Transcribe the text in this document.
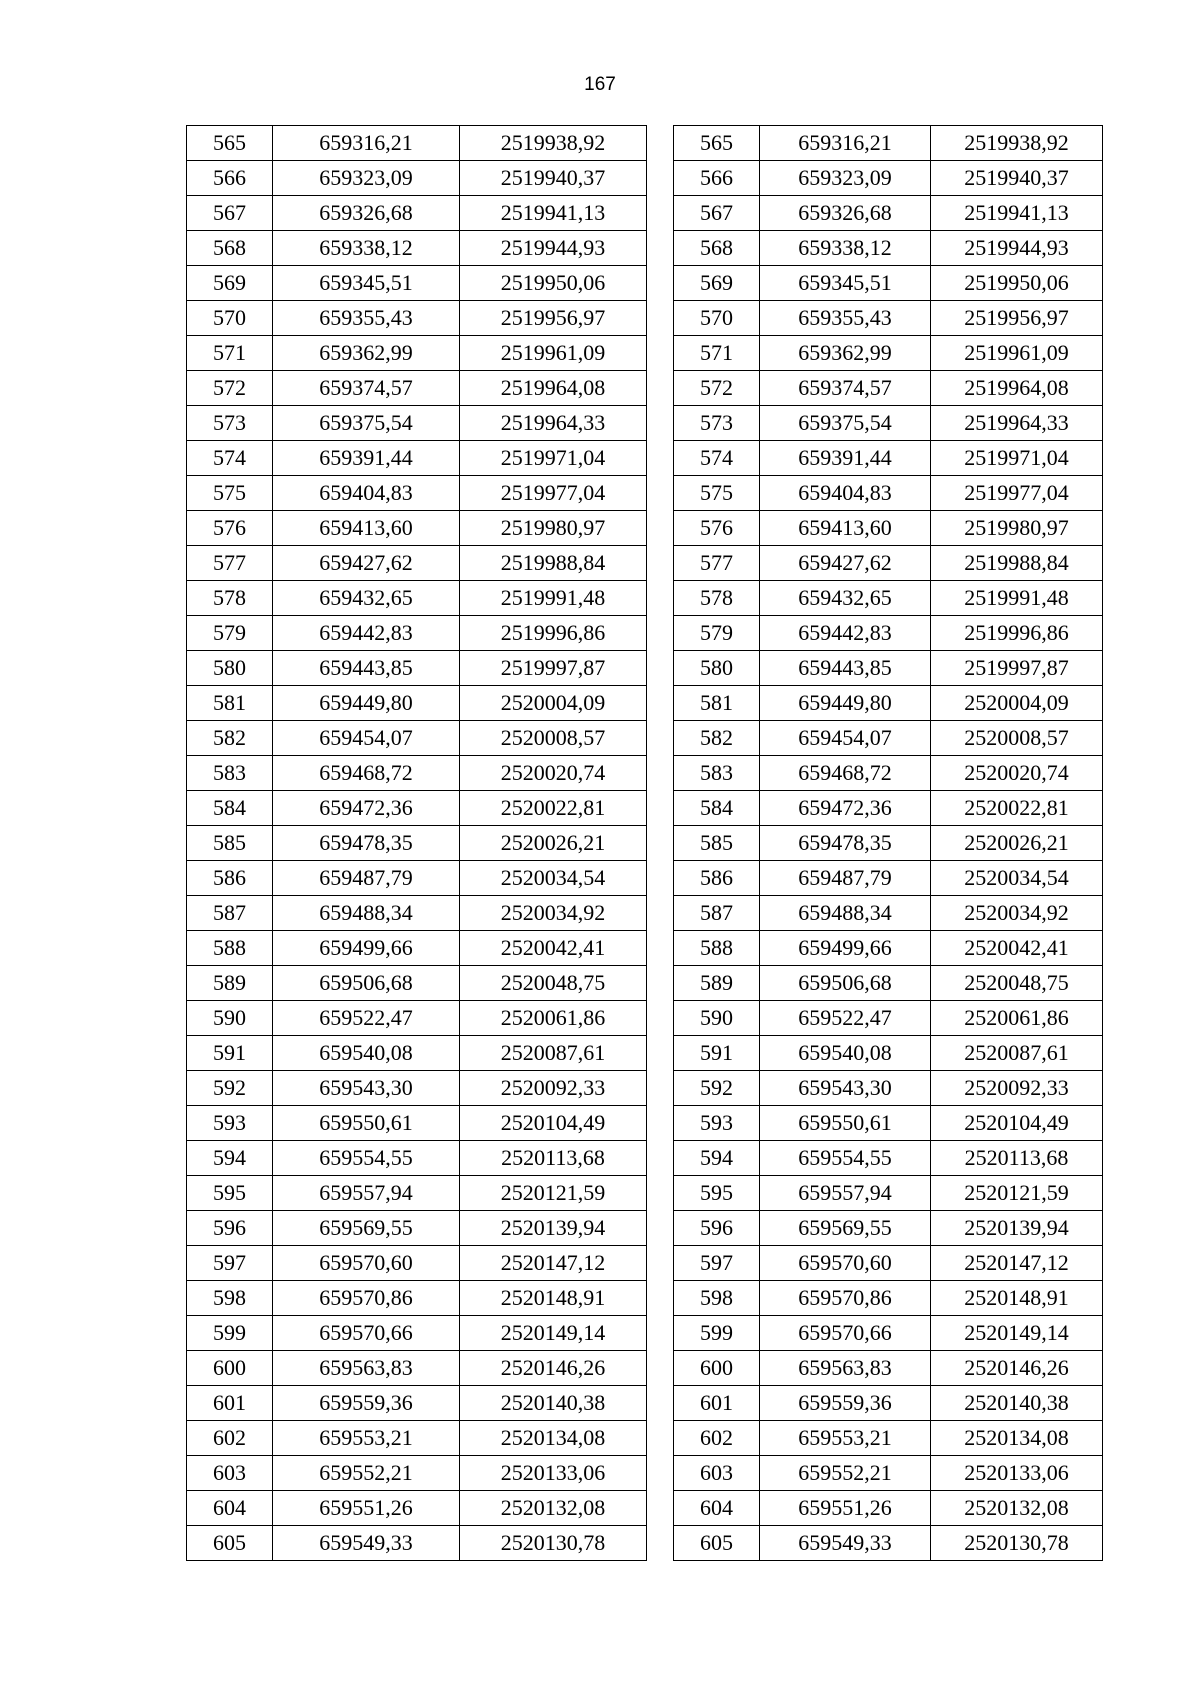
167
565	659316,21	2519938,92
566	659323,09	2519940,37
567	659326,68	2519941,13
568	659338,12	2519944,93
569	659345,51	2519950,06
570	659355,43	2519956,97
571	659362,99	2519961,09
572	659374,57	2519964,08
573	659375,54	2519964,33
574	659391,44	2519971,04
575	659404,83	2519977,04
576	659413,60	2519980,97
577	659427,62	2519988,84
578	659432,65	2519991,48
579	659442,83	2519996,86
580	659443,85	2519997,87
581	659449,80	2520004,09
582	659454,07	2520008,57
583	659468,72	2520020,74
584	659472,36	2520022,81
585	659478,35	2520026,21
586	659487,79	2520034,54
587	659488,34	2520034,92
588	659499,66	2520042,41
589	659506,68	2520048,75
590	659522,47	2520061,86
591	659540,08	2520087,61
592	659543,30	2520092,33
593	659550,61	2520104,49
594	659554,55	2520113,68
595	659557,94	2520121,59
596	659569,55	2520139,94
597	659570,60	2520147,12
598	659570,86	2520148,91
599	659570,66	2520149,14
600	659563,83	2520146,26
601	659559,36	2520140,38
602	659553,21	2520134,08
603	659552,21	2520133,06
604	659551,26	2520132,08
605	659549,33	2520130,78
565	659316,21	2519938,92
566	659323,09	2519940,37
567	659326,68	2519941,13
568	659338,12	2519944,93
569	659345,51	2519950,06
570	659355,43	2519956,97
571	659362,99	2519961,09
572	659374,57	2519964,08
573	659375,54	2519964,33
574	659391,44	2519971,04
575	659404,83	2519977,04
576	659413,60	2519980,97
577	659427,62	2519988,84
578	659432,65	2519991,48
579	659442,83	2519996,86
580	659443,85	2519997,87
581	659449,80	2520004,09
582	659454,07	2520008,57
583	659468,72	2520020,74
584	659472,36	2520022,81
585	659478,35	2520026,21
586	659487,79	2520034,54
587	659488,34	2520034,92
588	659499,66	2520042,41
589	659506,68	2520048,75
590	659522,47	2520061,86
591	659540,08	2520087,61
592	659543,30	2520092,33
593	659550,61	2520104,49
594	659554,55	2520113,68
595	659557,94	2520121,59
596	659569,55	2520139,94
597	659570,60	2520147,12
598	659570,86	2520148,91
599	659570,66	2520149,14
600	659563,83	2520146,26
601	659559,36	2520140,38
602	659553,21	2520134,08
603	659552,21	2520133,06
604	659551,26	2520132,08
605	659549,33	2520130,78
